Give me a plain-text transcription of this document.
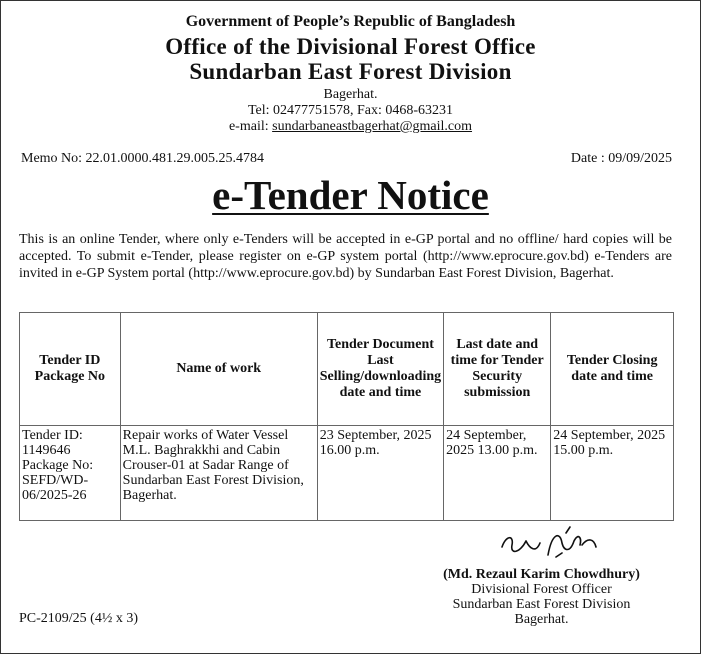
Government of People’s Republic of Bangladesh
Office of the Divisional Forest Office
Sundarban East Forest Division
Bagerhat.
Tel: 02477751578, Fax: 0468-63231
e-mail: sundarbaneastbagerhat@gmail.com
Memo No: 22.01.0000.481.29.005.25.4784	Date : 09/09/2025
e-Tender Notice
This is an online Tender, where only e-Tenders will be accepted in e-GP portal and no offline/ hard copies will be accepted. To submit e-Tender, please register on e-GP system portal (http://www.eprocure.gov.bd) e-Tenders are invited in e-GP System portal (http://www.eprocure.gov.bd) by Sundarban East Forest Division, Bagerhat.
Tender ID Package No	Name of work	Tender Document Last Selling/downloading date and time	Last date and time for Tender Security submission	Tender Closing date and time
Tender ID: 1149646 Package No: SEFD/WD-06/2025-26	Repair works of Water Vessel M.L. Baghrakkhi and Cabin Crouser-01 at Sadar Range of Sundarban East Forest Division, Bagerhat.	23 September, 2025 16.00 p.m.	24 September, 2025 13.00 p.m.	24 September, 2025 15.00 p.m.
(Md. Rezaul Karim Chowdhury)
Divisional Forest Officer
Sundarban East Forest Division
Bagerhat.
PC-2109/25 (4½ x 3)
